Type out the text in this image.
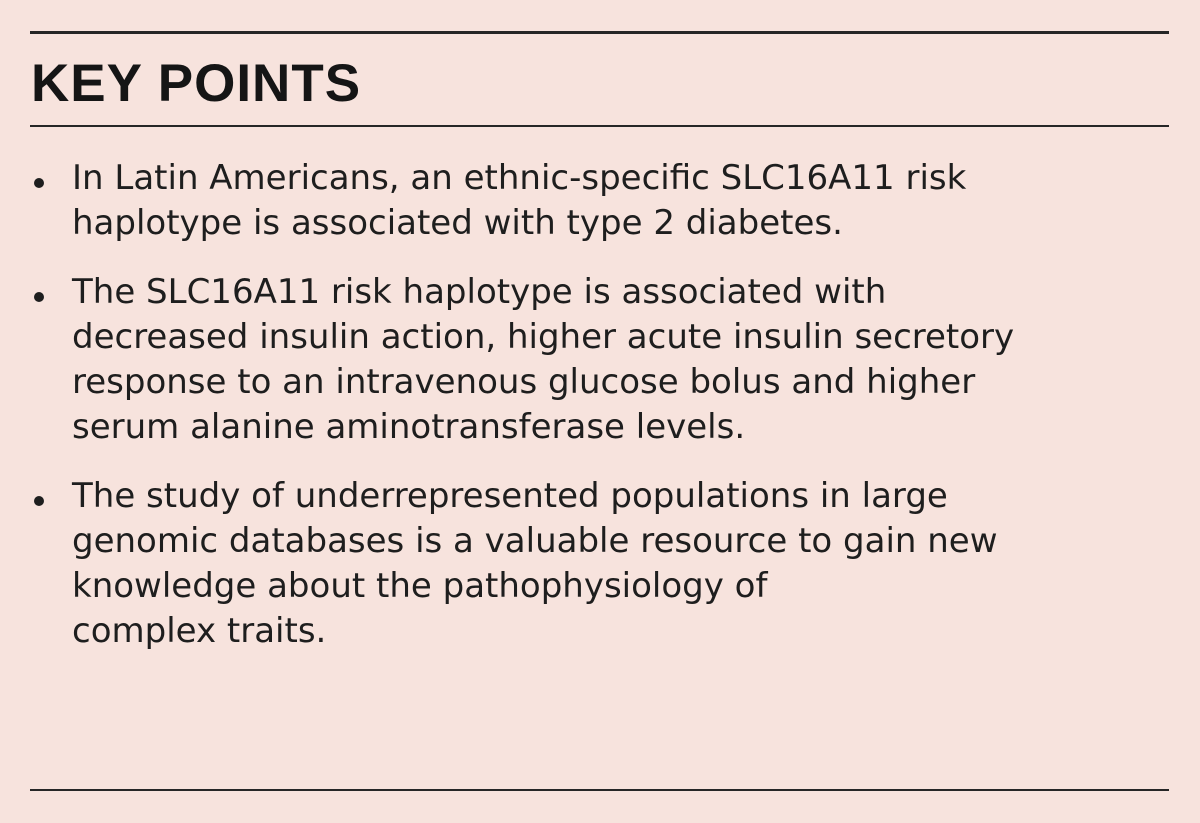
KEY POINTS
In Latin Americans, an ethnic-specific SLC16A11 risk
haplotype is associated with type 2 diabetes.
The SLC16A11 risk haplotype is associated with
decreased insulin action, higher acute insulin secretory
response to an intravenous glucose bolus and higher
serum alanine aminotransferase levels.
The study of underrepresented populations in large
genomic databases is a valuable resource to gain new
knowledge about the pathophysiology of
complex traits.
